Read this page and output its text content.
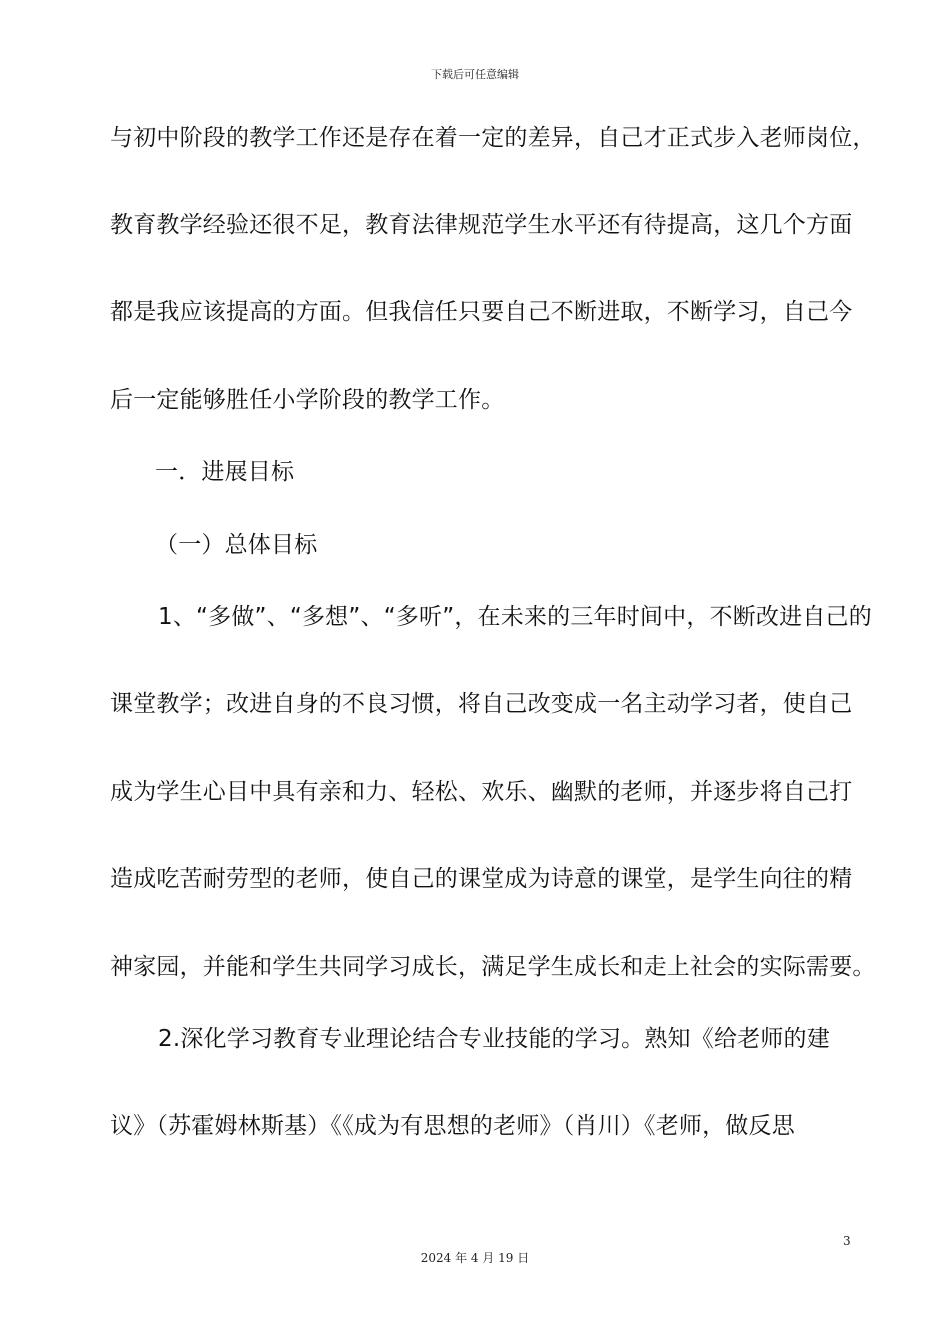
下载后可任意编辑
与初中阶段的教学工作还是存在着一定的差异，自己才正式步入老师岗位，
教育教学经验还很不足，教育法律规范学生水平还有待提高，这几个方面
都是我应该提高的方面。但我信任只要自己不断进取，不断学习，自己今
后一定能够胜任小学阶段的教学工作。
一．进展目标
（一）总体目标
1、“多做”、“多想”、“多听”，在未来的三年时间中，不断改进自己的
课堂教学；改进自身的不良习惯，将自己改变成一名主动学习者，使自己
成为学生心目中具有亲和力、轻松、欢乐、幽默的老师，并逐步将自己打
造成吃苦耐劳型的老师，使自己的课堂成为诗意的课堂，是学生向往的精
神家园，并能和学生共同学习成长，满足学生成长和走上社会的实际需要。
2.深化学习教育专业理论结合专业技能的学习。熟知《给老师的建
议》（苏霍姆林斯基）《《成为有思想的老师》（肖川）《老师，做反思
3
2024 年 4 月 19 日
